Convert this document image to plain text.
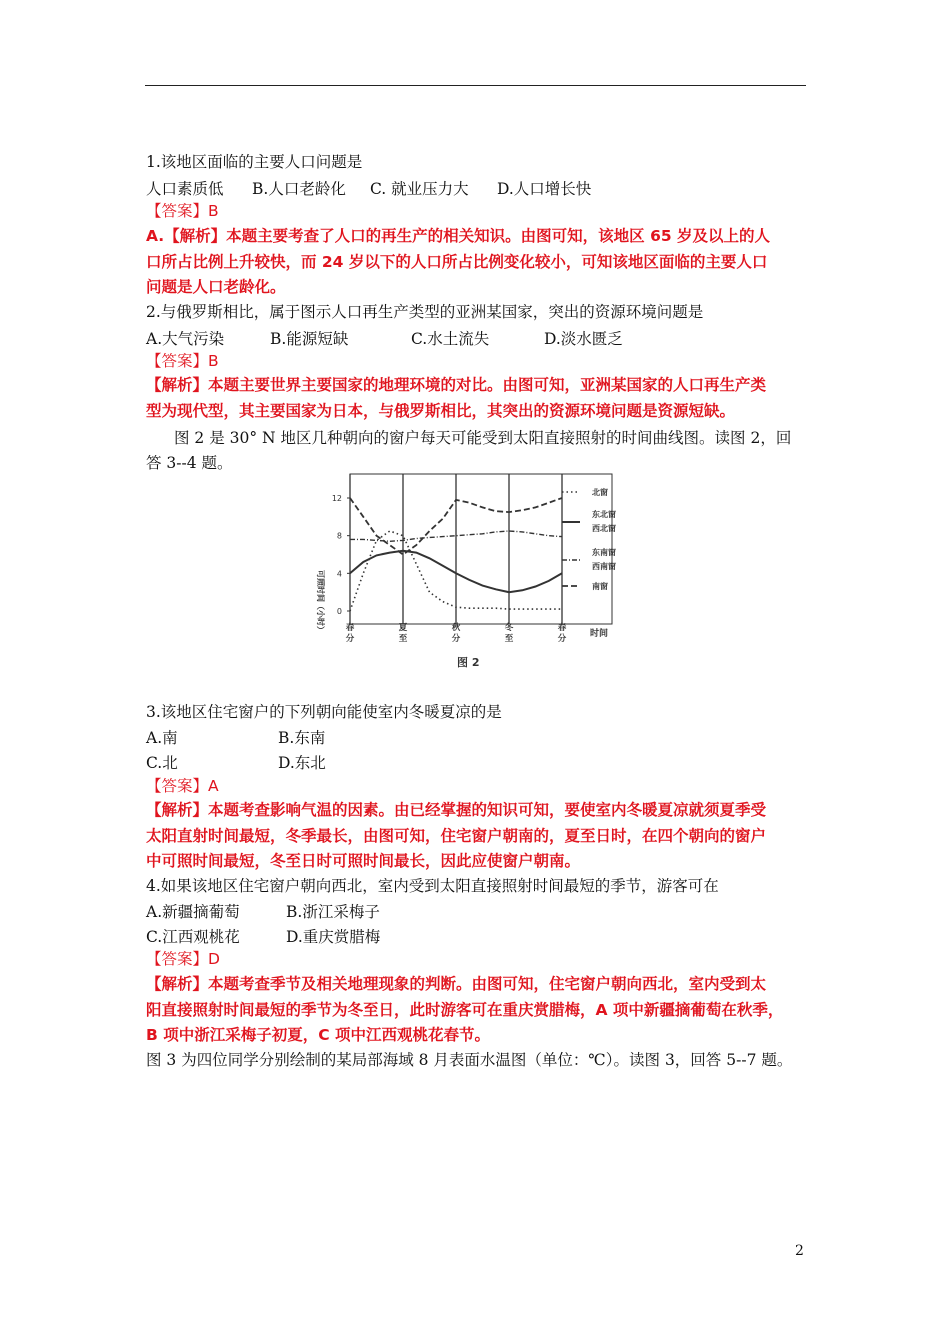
1.该地区面临的主要人口问题是
人口素质低 B.人口老龄化 C. 就业压力大 D.人口增长快
【答案】B
A.【解析】本题主要考查了人口的再生产的相关知识。由图可知，该地区 65 岁及以上的人
口所占比例上升较快，而 24 岁以下的人口所占比例变化较小，可知该地区面临的主要人口
问题是人口老龄化。
2.与俄罗斯相比，属于图示人口再生产类型的亚洲某国家，突出的资源环境问题是
A.大气污染	B.能源短缺	C.水土流失	D.淡水匮乏
【答案】B
【解析】本题主要世界主要国家的地理环境的对比。由图可知，亚洲某国家的人口再生产类
型为现代型，其主要国家为日本，与俄罗斯相比，其突出的资源环境问题是资源短缺。
图 2 是 30° N 地区几种朝向的窗户每天可能受到太阳直接照射的时间曲线图。读图 2，回
答 3--4 题。
0
4
8
12
可照时间（小时） 春分
夏至
秋分
冬至
春分	时间
图 2
北窗
东北窗
西北窗
东南窗
西南窗
南窗
3.该地区住宅窗户的下列朝向能使室内冬暖夏凉的是
A.南	B.东南
C.北	D.东北
【答案】A
【解析】本题考查影响气温的因素。由已经掌握的知识可知，要使室内冬暖夏凉就须夏季受
太阳直射时间最短，冬季最长，由图可知，住宅窗户朝南的，夏至日时，在四个朝向的窗户
中可照时间最短，冬至日时可照时间最长，因此应使窗户朝南。
4.如果该地区住宅窗户朝向西北，室内受到太阳直接照射时间最短的季节，游客可在
A.新疆摘葡萄	B.浙江采梅子
C.江西观桃花	D.重庆赏腊梅
【答案】D
【解析】本题考查季节及相关地理现象的判断。由图可知，住宅窗户朝向西北，室内受到太
阳直接照射时间最短的季节为冬至日，此时游客可在重庆赏腊梅，A 项中新疆摘葡萄在秋季，
B 项中浙江采梅子初夏，C 项中江西观桃花春节。
图 3 为四位同学分别绘制的某局部海域 8 月表面水温图（单位：℃）。读图 3，回答 5--7 题。
2
